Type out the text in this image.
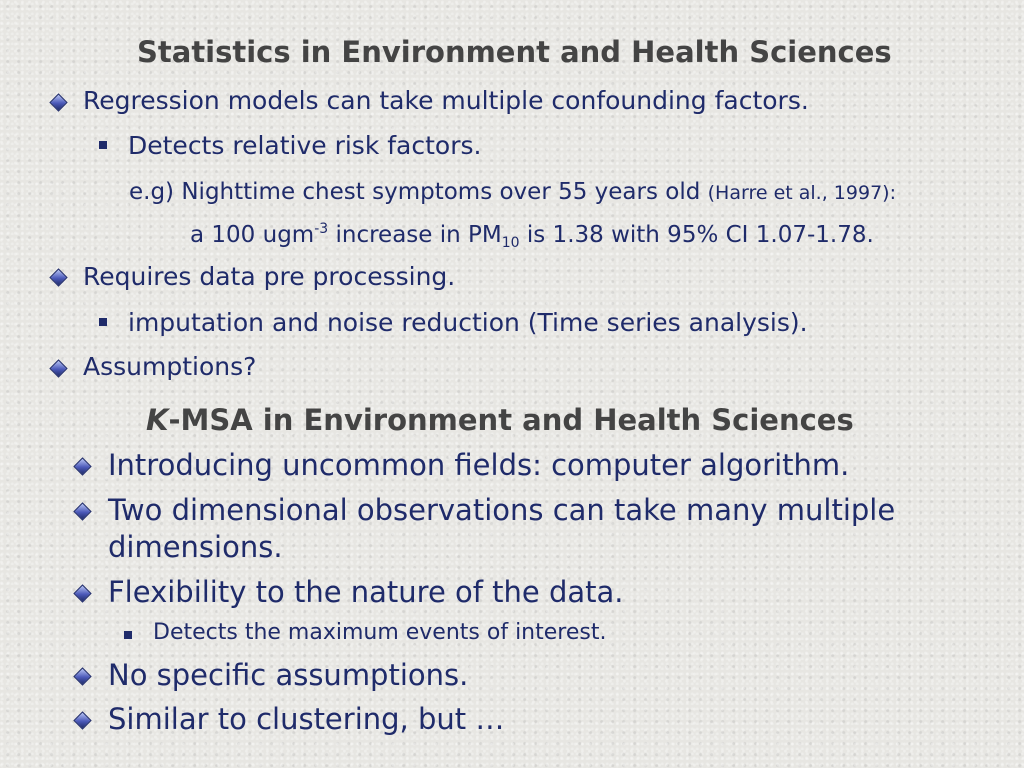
Statistics in Environment and Health Sciences
Regression models can take multiple confounding factors.
Detects relative risk factors.
e.g) Nighttime chest symptoms over 55 years old (Harre et al., 1997):
a 100 ugm$^{-3}$ increase in $PM_{10}$ is 1.38 with 95% CI 1.07-1.78.
Requires data pre processing.
imputation and noise reduction (Time series analysis).
Assumptions?
K-MSA in Environment and Health Sciences
Introducing uncommon fields: computer algorithm.
Two dimensional observations can take many multiple
dimensions.
Flexibility to the nature of the data.
Detects the maximum events of interest.
No specific assumptions.
Similar to clustering, but …
